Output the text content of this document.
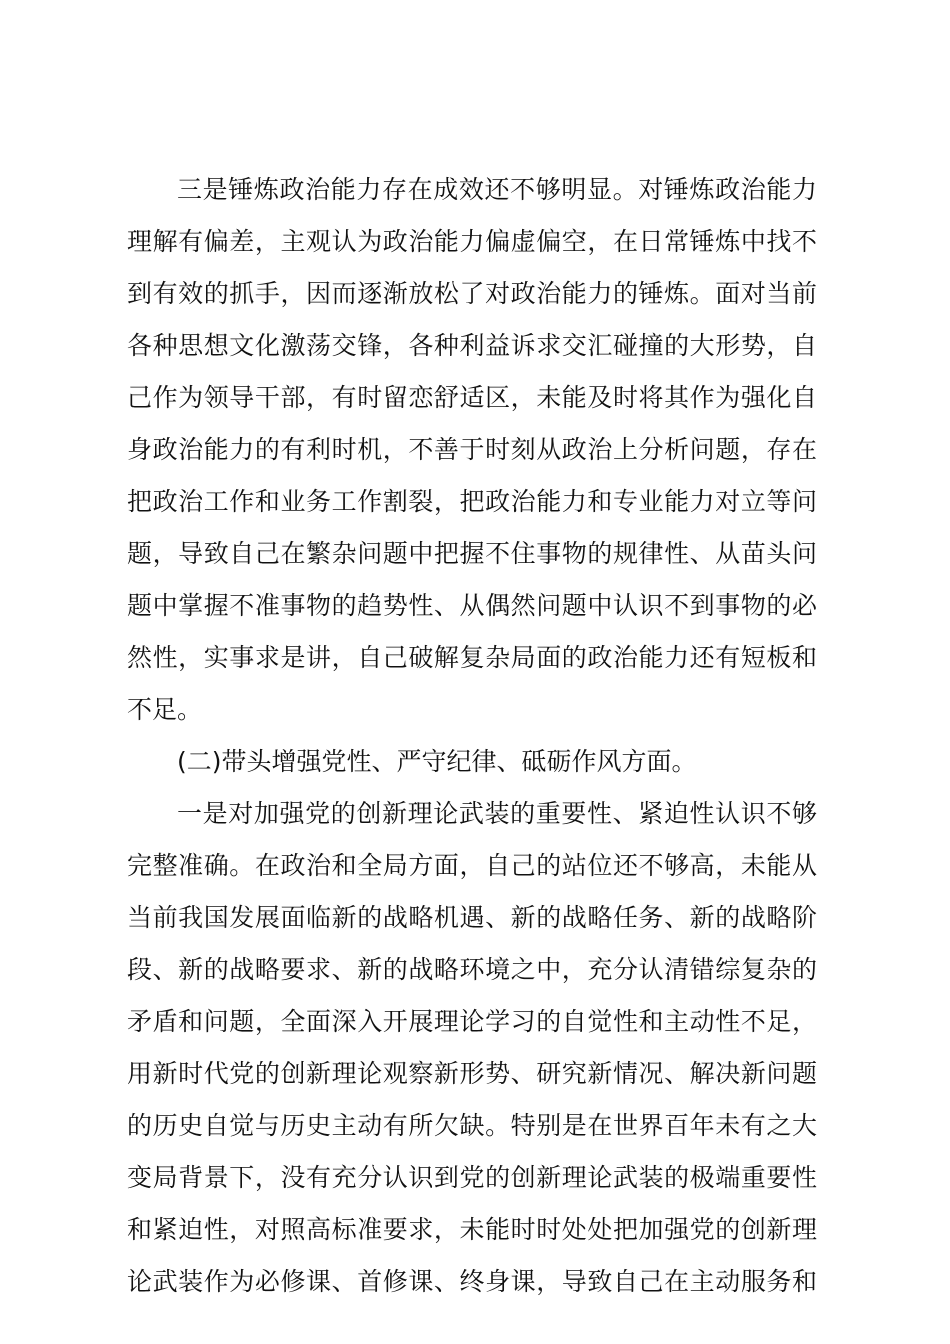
三是锤炼政治能力存在成效还不够明显。对锤炼政治能力
理解有偏差，主观认为政治能力偏虚偏空，在日常锤炼中找不
到有效的抓手，因而逐渐放松了对政治能力的锤炼。面对当前
各种思想文化激荡交锋，各种利益诉求交汇碰撞的大形势，自
己作为领导干部，有时留恋舒适区，未能及时将其作为强化自
身政治能力的有利时机，不善于时刻从政治上分析问题，存在
把政治工作和业务工作割裂，把政治能力和专业能力对立等问
题，导致自己在繁杂问题中把握不住事物的规律性、从苗头问
题中掌握不准事物的趋势性、从偶然问题中认识不到事物的必
然性，实事求是讲，自己破解复杂局面的政治能力还有短板和
不足。
(二)带头增强党性、严守纪律、砥砺作风方面。
一是对加强党的创新理论武装的重要性、紧迫性认识不够
完整准确。在政治和全局方面，自己的站位还不够高，未能从
当前我国发展面临新的战略机遇、新的战略任务、新的战略阶
段、新的战略要求、新的战略环境之中，充分认清错综复杂的
矛盾和问题，全面深入开展理论学习的自觉性和主动性不足，
用新时代党的创新理论观察新形势、研究新情况、解决新问题
的历史自觉与历史主动有所欠缺。特别是在世界百年未有之大
变局背景下，没有充分认识到党的创新理论武装的极端重要性
和紧迫性，对照高标准要求，未能时时处处把加强党的创新理
论武装作为必修课、首修课、终身课，导致自己在主动服务和
